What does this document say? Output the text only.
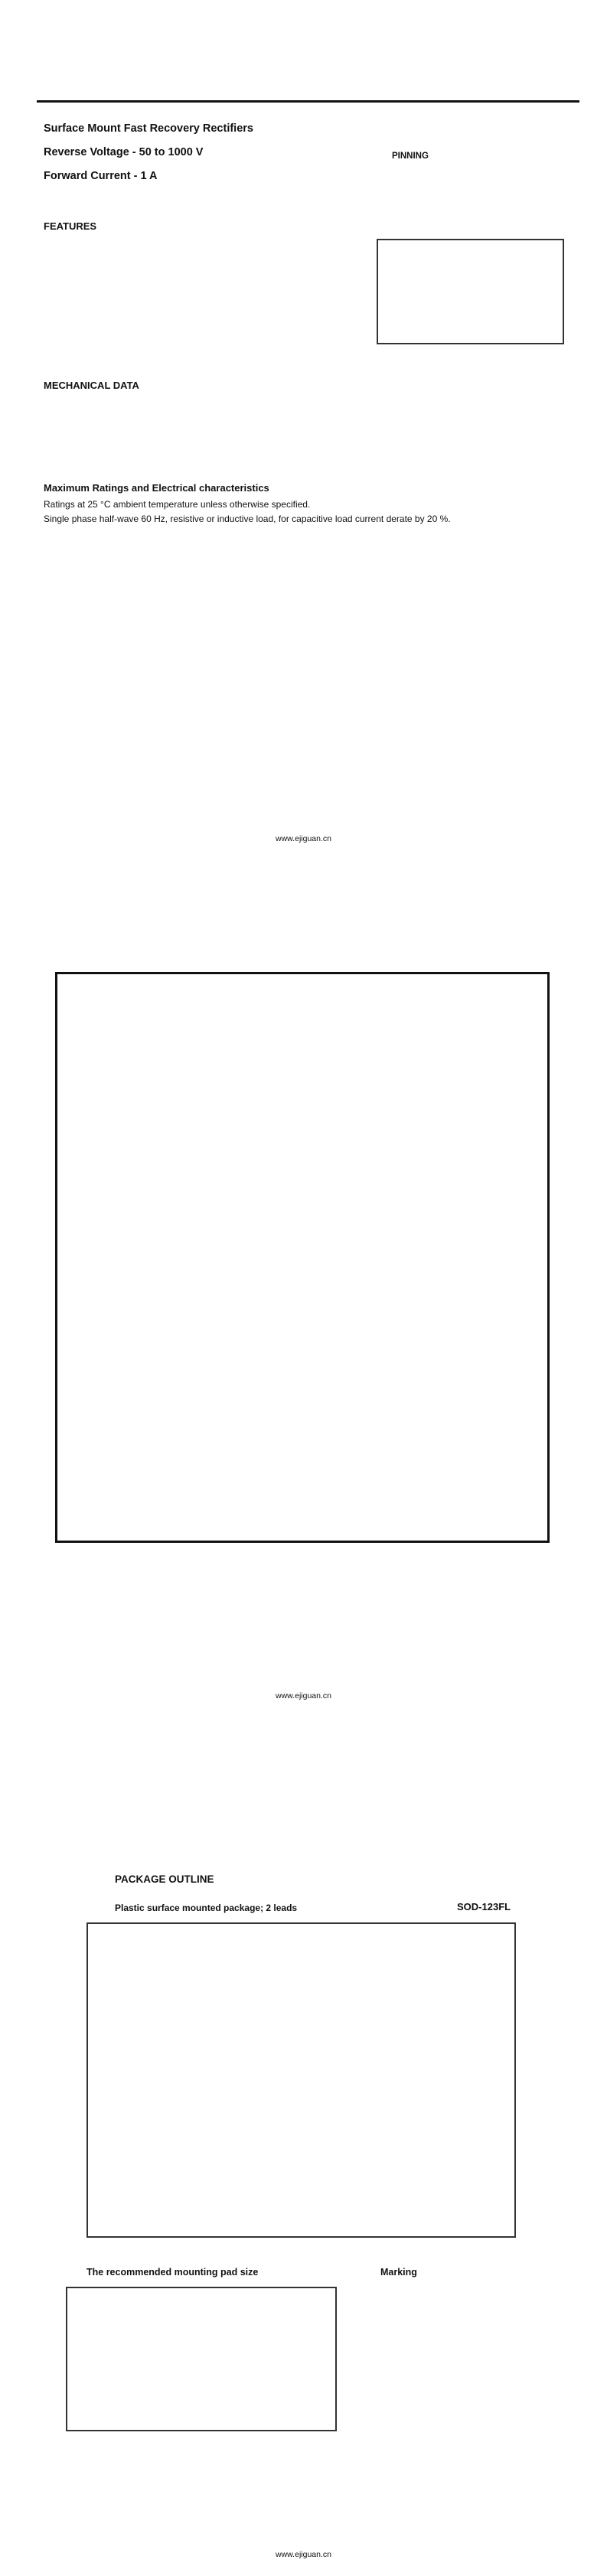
Surface Mount Fast Recovery Rectifiers
Reverse Voltage - 50 to 1000 V
Forward Current - 1 A
PINNING
FEATURES
MECHANICAL DATA
Maximum Ratings and Electrical characteristics
Ratings at 25 °C ambient temperature unless otherwise specified.
Single phase half-wave 60 Hz, resistive or inductive load, for capacitive load current derate by 20 %.
www.ejiguan.cn
www.ejiguan.cn
PACKAGE OUTLINE
Plastic surface mounted package; 2 leads	SOD-123FL
The recommended mounting pad size	Marking
www.ejiguan.cn
